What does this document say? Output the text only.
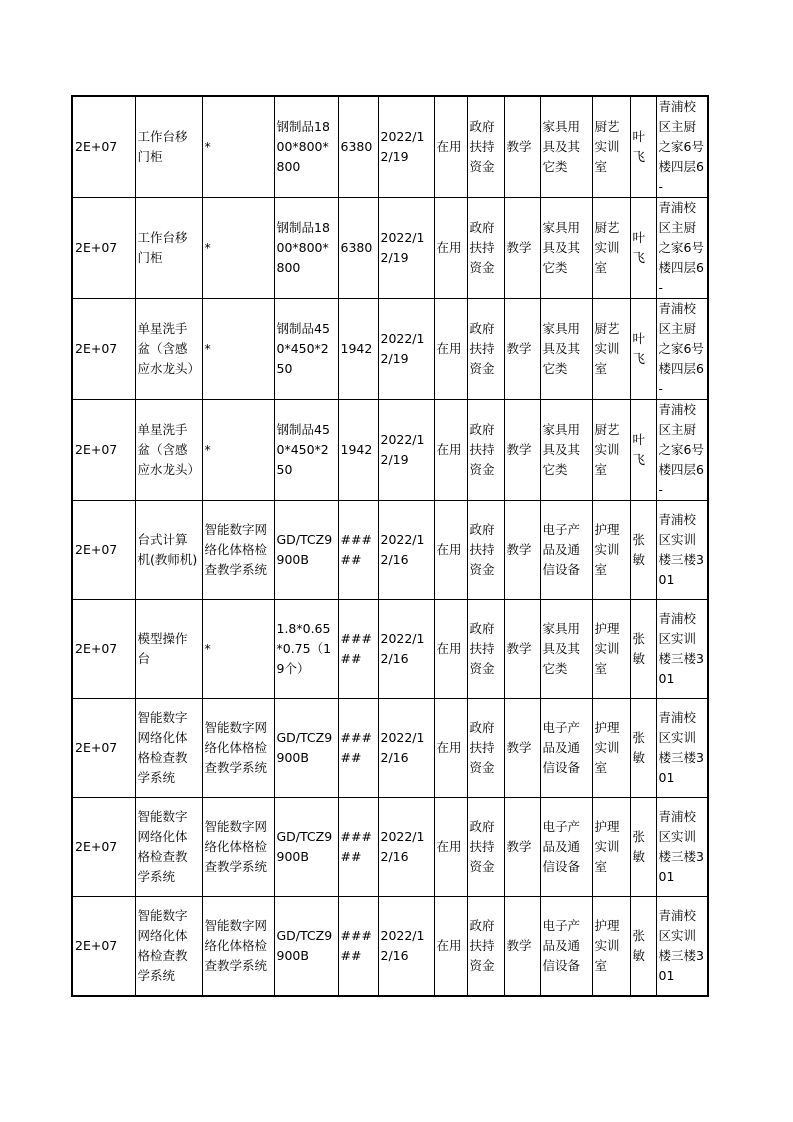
2E+07	工作台移门柜	*	钢制品1800*800*800	6380	2022/12/19	在用	政府扶持资金	教学	家具用具及其它类	厨艺实训室	叶飞	青浦校区主厨之家6号楼四层6-
2E+07	工作台移门柜	*	钢制品1800*800*800	6380	2022/12/19	在用	政府扶持资金	教学	家具用具及其它类	厨艺实训室	叶飞	青浦校区主厨之家6号楼四层6-
2E+07	单星洗手盆（含感应水龙头）	*	钢制品450*450*250	1942	2022/12/19	在用	政府扶持资金	教学	家具用具及其它类	厨艺实训室	叶飞	青浦校区主厨之家6号楼四层6-
2E+07	单星洗手盆（含感应水龙头）	*	钢制品450*450*250	1942	2022/12/19	在用	政府扶持资金	教学	家具用具及其它类	厨艺实训室	叶飞	青浦校区主厨之家6号楼四层6-
2E+07	台式计算机(教师机)	智能数字网络化体格检查教学系统	GD/TCZ9900B	#####	2022/12/16	在用	政府扶持资金	教学	电子产品及通信设备	护理实训室	张敏	青浦校区实训楼三楼301
2E+07	模型操作台	*	1.8*0.65*0.75（19个）	#####	2022/12/16	在用	政府扶持资金	教学	家具用具及其它类	护理实训室	张敏	青浦校区实训楼三楼301
2E+07	智能数字网络化体格检查教学系统	智能数字网络化体格检查教学系统	GD/TCZ9900B	#####	2022/12/16	在用	政府扶持资金	教学	电子产品及通信设备	护理实训室	张敏	青浦校区实训楼三楼301
2E+07	智能数字网络化体格检查教学系统	智能数字网络化体格检查教学系统	GD/TCZ9900B	#####	2022/12/16	在用	政府扶持资金	教学	电子产品及通信设备	护理实训室	张敏	青浦校区实训楼三楼301
2E+07	智能数字网络化体格检查教学系统	智能数字网络化体格检查教学系统	GD/TCZ9900B	#####	2022/12/16	在用	政府扶持资金	教学	电子产品及通信设备	护理实训室	张敏	青浦校区实训楼三楼301
